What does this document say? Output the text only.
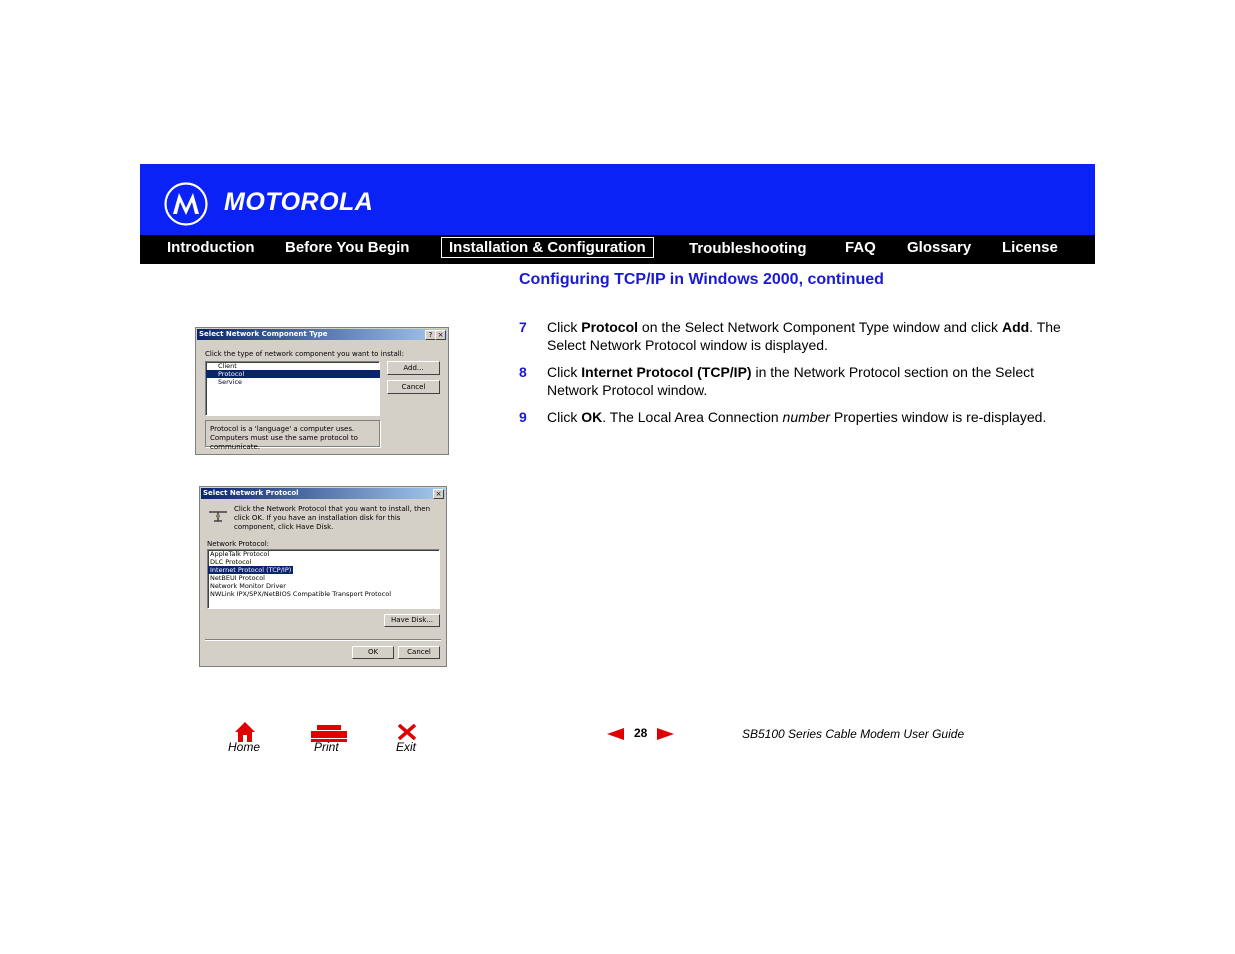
MOTOROLA
Introduction Before You Begin	Installation & Configuration	Troubleshooting	FAQ Glossary License
Configuring TCP/IP in Windows 2000, continued
7 Click Protocol on the Select Network Component Type window and click Add. The Select Network Protocol window is displayed.
8 Click Internet Protocol (TCP/IP) in the Network Protocol section on the Select Network Protocol window.
9 Click OK. The Local Area Connection number Properties window is re-displayed.
Select Network Component Type	? ×
Click the type of network component you want to install:
Client
Protocol
Service
Add...
Cancel
Protocol is a 'language' a computer uses. Computers must use the same protocol to communicate.
Select Network Protocol	×
Click the Network Protocol that you want to install, then click OK. If you have an installation disk for this component, click Have Disk.
Network Protocol:
AppleTalk Protocol
DLC Protocol
Internet Protocol (TCP/IP)
NetBEUI Protocol
Network Monitor Driver
NWLink IPX/SPX/NetBIOS Compatible Transport Protocol
Have Disk...
OK	Cancel
Home	Print	Exit
28	SB5100 Series Cable Modem User Guide
